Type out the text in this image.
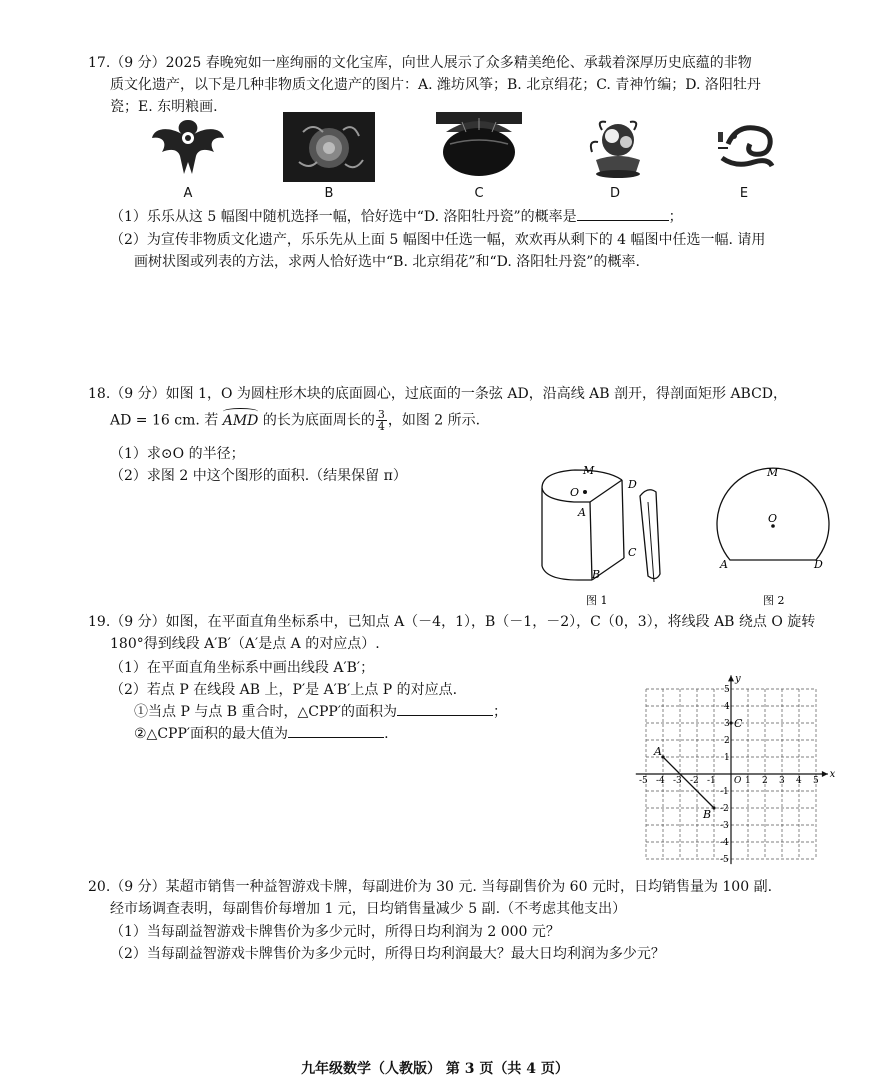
17.（9 分）2025 春晚宛如一座绚丽的文化宝库，向世人展示了众多精美绝伦、承载着深厚历史底蕴的非物
质文化遗产，以下是几种非物质文化遗产的图片：A. 潍坊风筝；B. 北京绢花；C. 青神竹编；D. 洛阳牡丹
瓷；E. 东明粮画.
A	B	C	D	E
（1）乐乐从这 5 幅图中随机选择一幅，恰好选中“D. 洛阳牡丹瓷”的概率是	；
（2）为宣传非物质文化遗产，乐乐先从上面 5 幅图中任选一幅，欢欢再从剩下的 4 幅图中任选一幅. 请用
画树状图或列表的方法，求两人恰好选中“B. 北京绢花”和“D. 洛阳牡丹瓷”的概率.
18.（9 分）如图 1，O 为圆柱形木块的底面圆心，过底面的一条弦 AD，沿高线 AB 剖开，得剖面矩形 ABCD，
AD = 16 cm. 若 AMD 的长为底面周长的 $\frac{3}{4}$ ，如图 2 所示.
（1）求⊙O 的半径；
（2）求图 2 中这个图形的面积.（结果保留 π）	M
O
D
A
C
B
图 1
M
O
A	D
图 2
19.（9 分）如图，在平面直角坐标系中，已知点 A（－4，1），B（－1，－2），C（0，3），将线段 AB 绕点 O 旋转
180°得到线段 A′B′（A′是点 A 的对应点）.
（1）在平面直角坐标系中画出线段 A′B′；
（2）若点 P 在线段 AB 上，P′是 A′B′上点 P 的对应点.
①当点 P 与点 B 重合时，△CPP′的面积为	；
②△CPP′面积的最大值为	.
-5 -4 -3 -2 -1	1 2 3 4 5
5
4
3
2
1
-1
-2
-3
-4
-5
O
x
y
A
B
C
20.（9 分）某超市销售一种益智游戏卡牌，每副进价为 30 元. 当每副售价为 60 元时，日均销售量为 100 副.
经市场调查表明，每副售价每增加 1 元，日均销售量减少 5 副.（不考虑其他支出）
（1）当每副益智游戏卡牌售价为多少元时，所得日均利润为 2 000 元？
（2）当每副益智游戏卡牌售价为多少元时，所得日均利润最大？最大日均利润为多少元？
九年级数学（人教版） 第 3 页（共 4 页）
